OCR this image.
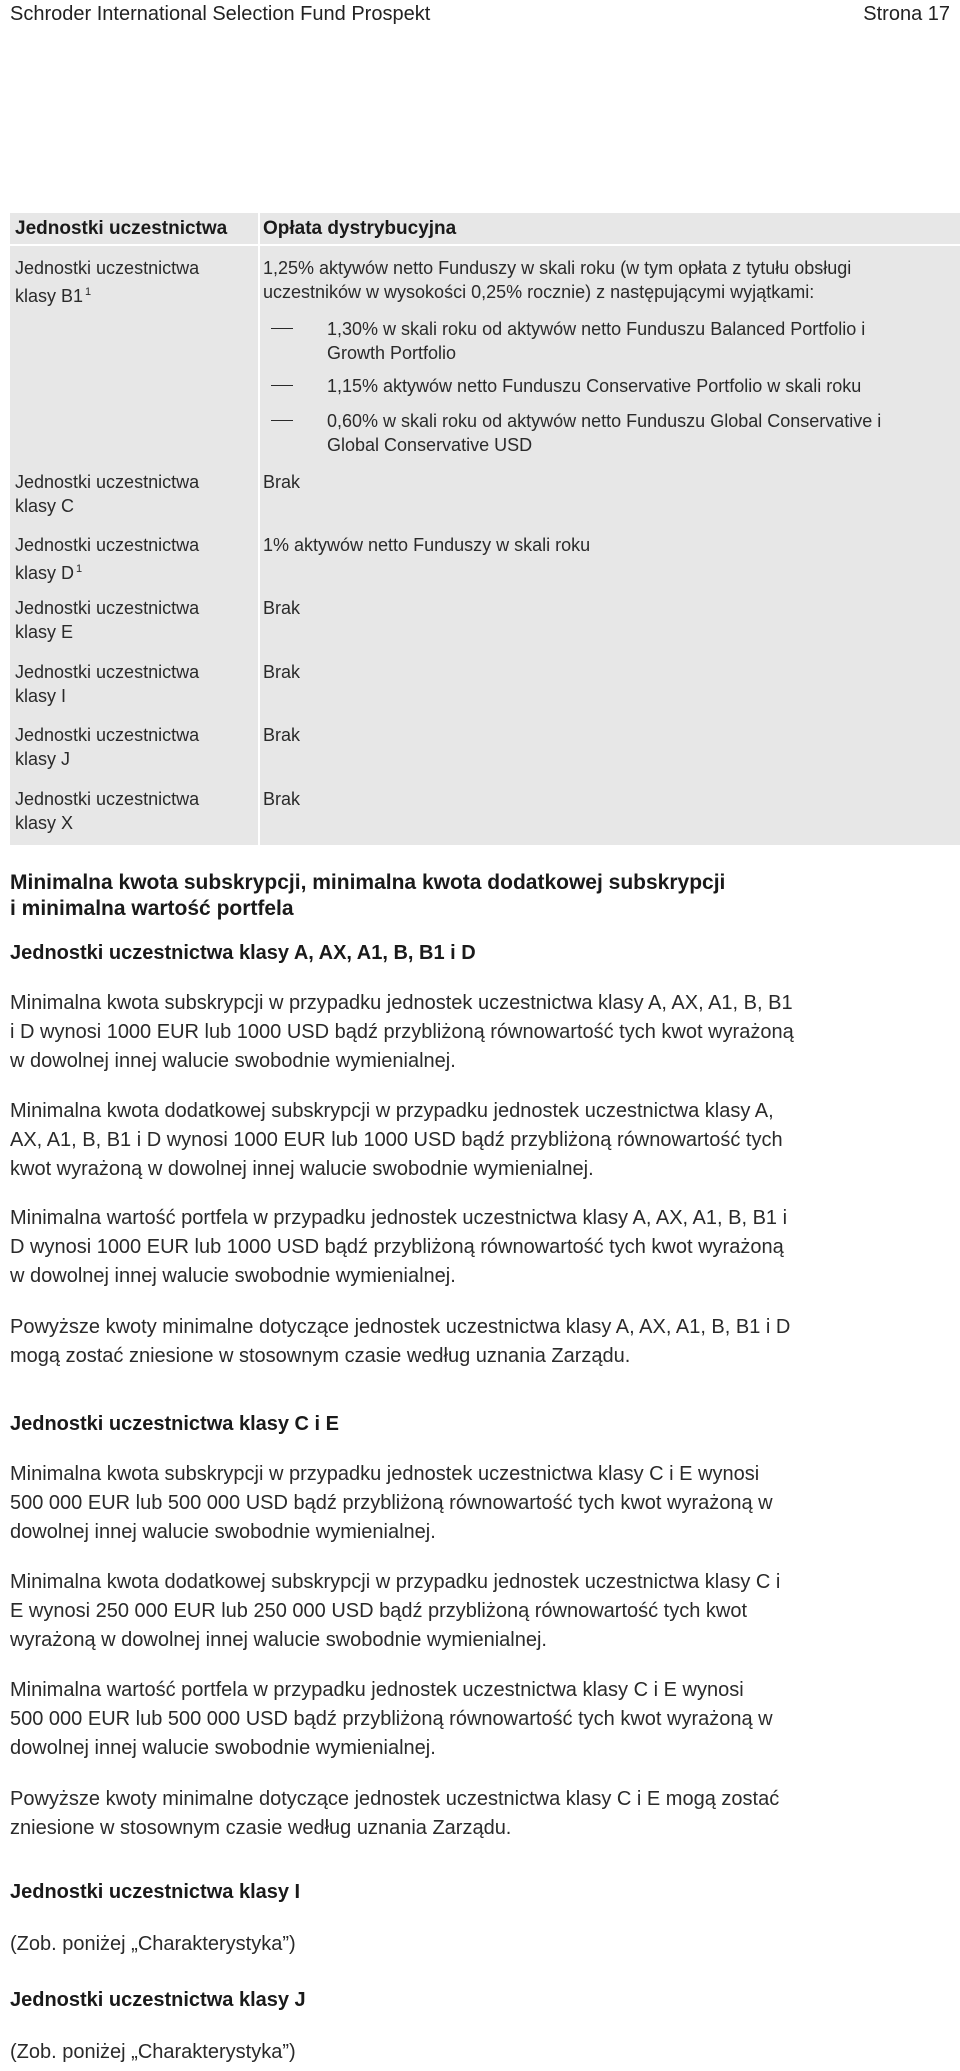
Schroder International Selection Fund Prospekt	Strona 17
Jednostki uczestnictwa Opłata dystrybucyjna
Jednostki uczestnictwa
klasy B1 $^1$
1,25% aktywów netto Funduszy w skali roku (w tym opłata z tytułu obsługi uczestników w wysokości 0,25% rocznie) z następującymi wyjątkami:
1,30% w skali roku od aktywów netto Funduszu Balanced Portfolio i Growth Portfolio
1,15% aktywów netto Funduszu Conservative Portfolio w skali roku
0,60% w skali roku od aktywów netto Funduszu Global Conservative i Global Conservative USD
Jednostki uczestnictwa
klasy C
Brak
Jednostki uczestnictwa
klasy D $^1$
1% aktywów netto Funduszy w skali roku
Jednostki uczestnictwa
klasy E
Brak
Jednostki uczestnictwa
klasy I
Brak
Jednostki uczestnictwa
klasy J
Brak
Jednostki uczestnictwa
klasy X
Brak
Minimalna kwota subskrypcji, minimalna kwota dodatkowej subskrypcji
i minimalna wartość portfela
Jednostki uczestnictwa klasy A, AX, A1, B, B1 i D
Minimalna kwota subskrypcji w przypadku jednostek uczestnictwa klasy A, AX, A1, B, B1
i D wynosi 1000 EUR lub 1000 USD bądź przybliżoną równowartość tych kwot wyrażoną
w dowolnej innej walucie swobodnie wymienialnej.
Minimalna kwota dodatkowej subskrypcji w przypadku jednostek uczestnictwa klasy A,
AX, A1, B, B1 i D wynosi 1000 EUR lub 1000 USD bądź przybliżoną równowartość tych
kwot wyrażoną w dowolnej innej walucie swobodnie wymienialnej.
Minimalna wartość portfela w przypadku jednostek uczestnictwa klasy A, AX, A1, B, B1 i
D wynosi 1000 EUR lub 1000 USD bądź przybliżoną równowartość tych kwot wyrażoną
w dowolnej innej walucie swobodnie wymienialnej.
Powyższe kwoty minimalne dotyczące jednostek uczestnictwa klasy A, AX, A1, B, B1 i D
mogą zostać zniesione w stosownym czasie według uznania Zarządu.
Jednostki uczestnictwa klasy C i E
Minimalna kwota subskrypcji w przypadku jednostek uczestnictwa klasy C i E wynosi
500 000 EUR lub 500 000 USD bądź przybliżoną równowartość tych kwot wyrażoną w
dowolnej innej walucie swobodnie wymienialnej.
Minimalna kwota dodatkowej subskrypcji w przypadku jednostek uczestnictwa klasy C i
E wynosi 250 000 EUR lub 250 000 USD bądź przybliżoną równowartość tych kwot
wyrażoną w dowolnej innej walucie swobodnie wymienialnej.
Minimalna wartość portfela w przypadku jednostek uczestnictwa klasy C i E wynosi
500 000 EUR lub 500 000 USD bądź przybliżoną równowartość tych kwot wyrażoną w
dowolnej innej walucie swobodnie wymienialnej.
Powyższe kwoty minimalne dotyczące jednostek uczestnictwa klasy C i E mogą zostać
zniesione w stosownym czasie według uznania Zarządu.
Jednostki uczestnictwa klasy I
(Zob. poniżej „Charakterystyka”)
Jednostki uczestnictwa klasy J
(Zob. poniżej „Charakterystyka”)
